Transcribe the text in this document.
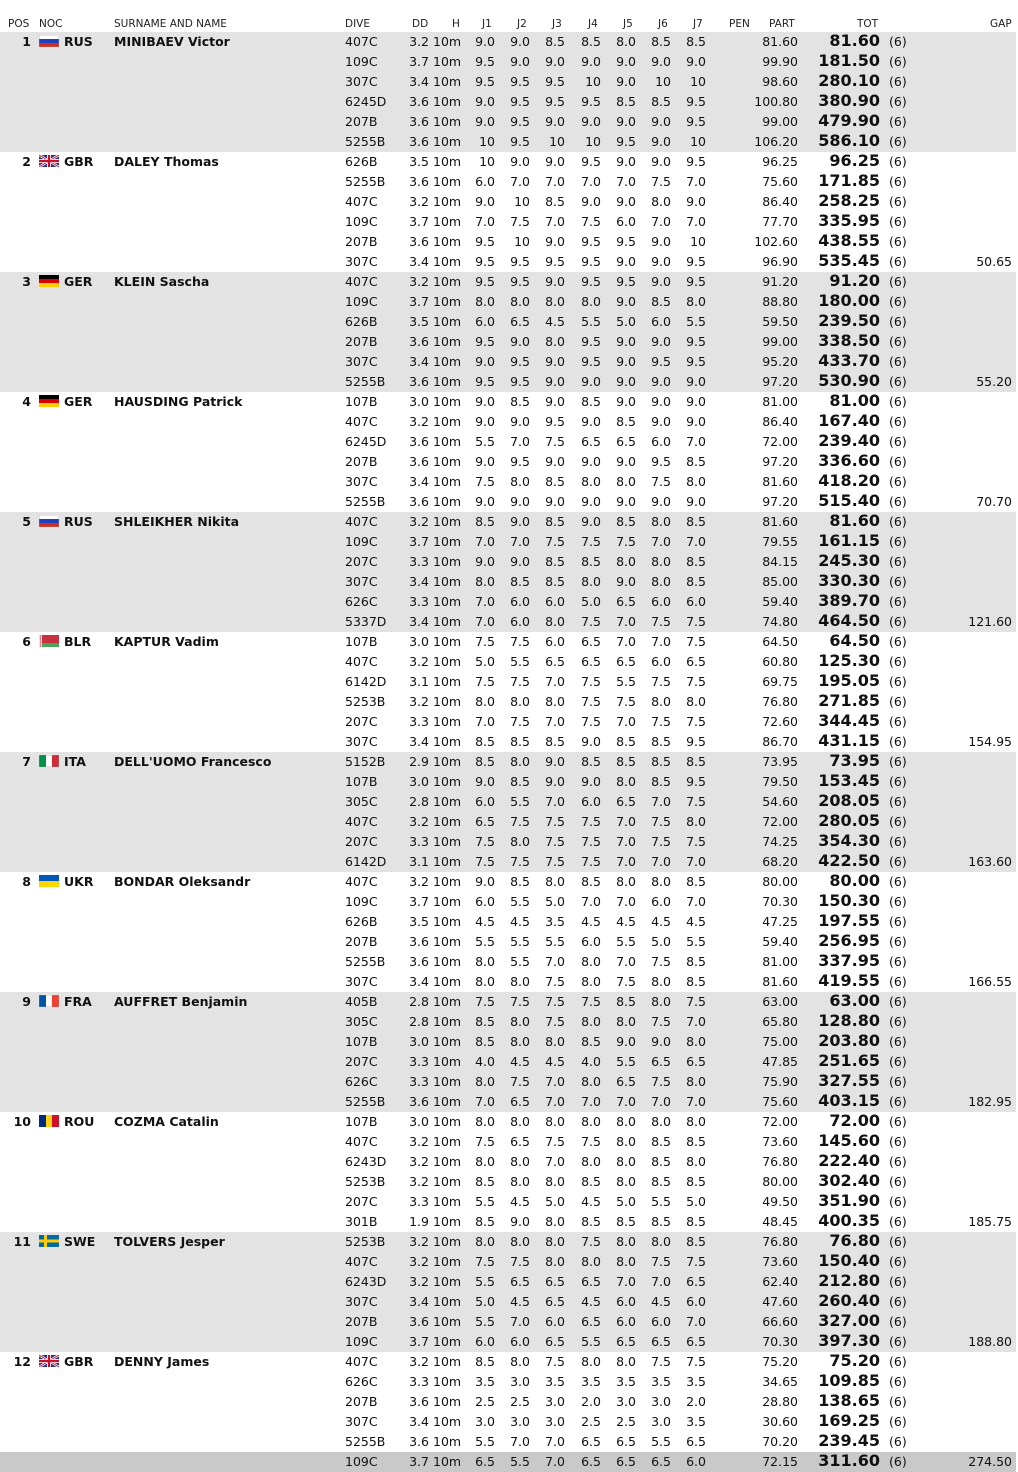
POS NOC	SURNAME AND NAME	DIVE	DD H J1 J2 J3 J4 J5 J6 J7 PEN PART	TOT	GAP
1	RUS MINIBAEV Victor	407C	3.2 10m	9.0	9.0	8.5	8.5	8.0	8.5	8.5	81.60	81.60 (6)
109C	3.7 10m	9.5	9.0	9.0	9.0	9.0	9.0	9.0	99.90	181.50 (6)
307C	3.4 10m	9.5	9.5	9.5	10	9.0	10	10	98.60	280.10 (6)
6245D	3.6 10m	9.0	9.5	9.5	9.5	8.5	8.5	9.5	100.80	380.90 (6)
207B	3.6 10m	9.0	9.5	9.0	9.0	9.0	9.0	9.5	99.00	479.90 (6)
5255B	3.6 10m	10	9.5	10	10	9.5	9.0	10	106.20	586.10 (6)
2	GBR DALEY Thomas	626B	3.5 10m	10	9.0	9.0	9.5	9.0	9.0	9.5	96.25	96.25 (6)
5255B	3.6 10m	6.0	7.0	7.0	7.0	7.0	7.5	7.0	75.60	171.85 (6)
407C	3.2 10m	9.0	10	8.5	9.0	9.0	8.0	9.0	86.40	258.25 (6)
109C	3.7 10m	7.0	7.5	7.0	7.5	6.0	7.0	7.0	77.70	335.95 (6)
207B	3.6 10m	9.5	10	9.0	9.5	9.5	9.0	10	102.60	438.55 (6)
307C	3.4 10m	9.5	9.5	9.5	9.5	9.0	9.0	9.5	96.90	535.45 (6)	50.65
3	GER KLEIN Sascha	407C	3.2 10m	9.5	9.5	9.0	9.5	9.5	9.0	9.5	91.20	91.20 (6)
109C	3.7 10m	8.0	8.0	8.0	8.0	9.0	8.5	8.0	88.80	180.00 (6)
626B	3.5 10m	6.0	6.5	4.5	5.5	5.0	6.0	5.5	59.50	239.50 (6)
207B	3.6 10m	9.5	9.0	8.0	9.5	9.0	9.0	9.5	99.00	338.50 (6)
307C	3.4 10m	9.0	9.5	9.0	9.5	9.0	9.5	9.5	95.20	433.70 (6)
5255B	3.6 10m	9.5	9.5	9.0	9.0	9.0	9.0	9.0	97.20	530.90 (6)	55.20
4	GER HAUSDING Patrick	107B	3.0 10m	9.0	8.5	9.0	8.5	9.0	9.0	9.0	81.00	81.00 (6)
407C	3.2 10m	9.0	9.0	9.5	9.0	8.5	9.0	9.0	86.40	167.40 (6)
6245D	3.6 10m	5.5	7.0	7.5	6.5	6.5	6.0	7.0	72.00	239.40 (6)
207B	3.6 10m	9.0	9.5	9.0	9.0	9.0	9.5	8.5	97.20	336.60 (6)
307C	3.4 10m	7.5	8.0	8.5	8.0	8.0	7.5	8.0	81.60	418.20 (6)
5255B	3.6 10m	9.0	9.0	9.0	9.0	9.0	9.0	9.0	97.20	515.40 (6)	70.70
5	RUS SHLEIKHER Nikita	407C	3.2 10m	8.5	9.0	8.5	9.0	8.5	8.0	8.5	81.60	81.60 (6)
109C	3.7 10m	7.0	7.0	7.5	7.5	7.5	7.0	7.0	79.55	161.15 (6)
207C	3.3 10m	9.0	9.0	8.5	8.5	8.0	8.0	8.5	84.15	245.30 (6)
307C	3.4 10m	8.0	8.5	8.5	8.0	9.0	8.0	8.5	85.00	330.30 (6)
626C	3.3 10m	7.0	6.0	6.0	5.0	6.5	6.0	6.0	59.40	389.70 (6)
5337D	3.4 10m	7.0	6.0	8.0	7.5	7.0	7.5	7.5	74.80	464.50 (6)	121.60
6	BLR KAPTUR Vadim	107B	3.0 10m	7.5	7.5	6.0	6.5	7.0	7.0	7.5	64.50	64.50 (6)
407C	3.2 10m	5.0	5.5	6.5	6.5	6.5	6.0	6.5	60.80	125.30 (6)
6142D	3.1 10m	7.5	7.5	7.0	7.5	5.5	7.5	7.5	69.75	195.05 (6)
5253B	3.2 10m	8.0	8.0	8.0	7.5	7.5	8.0	8.0	76.80	271.85 (6)
207C	3.3 10m	7.0	7.5	7.0	7.5	7.0	7.5	7.5	72.60	344.45 (6)
307C	3.4 10m	8.5	8.5	8.5	9.0	8.5	8.5	9.5	86.70	431.15 (6)	154.95
7	ITA DELL'UOMO Francesco	5152B	2.9 10m	8.5	8.0	9.0	8.5	8.5	8.5	8.5	73.95	73.95 (6)
107B	3.0 10m	9.0	8.5	9.0	9.0	8.0	8.5	9.5	79.50	153.45 (6)
305C	2.8 10m	6.0	5.5	7.0	6.0	6.5	7.0	7.5	54.60	208.05 (6)
407C	3.2 10m	6.5	7.5	7.5	7.5	7.0	7.5	8.0	72.00	280.05 (6)
207C	3.3 10m	7.5	8.0	7.5	7.5	7.0	7.5	7.5	74.25	354.30 (6)
6142D	3.1 10m	7.5	7.5	7.5	7.5	7.0	7.0	7.0	68.20	422.50 (6)	163.60
8	UKR BONDAR Oleksandr	407C	3.2 10m	9.0	8.5	8.0	8.5	8.0	8.0	8.5	80.00	80.00 (6)
109C	3.7 10m	6.0	5.5	5.0	7.0	7.0	6.0	7.0	70.30	150.30 (6)
626B	3.5 10m	4.5	4.5	3.5	4.5	4.5	4.5	4.5	47.25	197.55 (6)
207B	3.6 10m	5.5	5.5	5.5	6.0	5.5	5.0	5.5	59.40	256.95 (6)
5255B	3.6 10m	8.0	5.5	7.0	8.0	7.0	7.5	8.5	81.00	337.95 (6)
307C	3.4 10m	8.0	8.0	7.5	8.0	7.5	8.0	8.5	81.60	419.55 (6)	166.55
9	FRA AUFFRET Benjamin	405B	2.8 10m	7.5	7.5	7.5	7.5	8.5	8.0	7.5	63.00	63.00 (6)
305C	2.8 10m	8.5	8.0	7.5	8.0	8.0	7.5	7.0	65.80	128.80 (6)
107B	3.0 10m	8.5	8.0	8.0	8.5	9.0	9.0	8.0	75.00	203.80 (6)
207C	3.3 10m	4.0	4.5	4.5	4.0	5.5	6.5	6.5	47.85	251.65 (6)
626C	3.3 10m	8.0	7.5	7.0	8.0	6.5	7.5	8.0	75.90	327.55 (6)
5255B	3.6 10m	7.0	6.5	7.0	7.0	7.0	7.0	7.0	75.60	403.15 (6)	182.95
10	ROU COZMA Catalin	107B	3.0 10m	8.0	8.0	8.0	8.0	8.0	8.0	8.0	72.00	72.00 (6)
407C	3.2 10m	7.5	6.5	7.5	7.5	8.0	8.5	8.5	73.60	145.60 (6)
6243D	3.2 10m	8.0	8.0	7.0	8.0	8.0	8.5	8.0	76.80	222.40 (6)
5253B	3.2 10m	8.5	8.0	8.0	8.5	8.0	8.5	8.5	80.00	302.40 (6)
207C	3.3 10m	5.5	4.5	5.0	4.5	5.0	5.5	5.0	49.50	351.90 (6)
301B	1.9 10m	8.5	9.0	8.0	8.5	8.5	8.5	8.5	48.45	400.35 (6)	185.75
11	SWE TOLVERS Jesper	5253B	3.2 10m	8.0	8.0	8.0	7.5	8.0	8.0	8.5	76.80	76.80 (6)
407C	3.2 10m	7.5	7.5	8.0	8.0	8.0	7.5	7.5	73.60	150.40 (6)
6243D	3.2 10m	5.5	6.5	6.5	6.5	7.0	7.0	6.5	62.40	212.80 (6)
307C	3.4 10m	5.0	4.5	6.5	4.5	6.0	4.5	6.0	47.60	260.40 (6)
207B	3.6 10m	5.5	7.0	6.0	6.5	6.0	6.0	7.0	66.60	327.00 (6)
109C	3.7 10m	6.0	6.0	6.5	5.5	6.5	6.5	6.5	70.30	397.30 (6)	188.80
12	GBR DENNY James	407C	3.2 10m	8.5	8.0	7.5	8.0	8.0	7.5	7.5	75.20	75.20 (6)
626C	3.3 10m	3.5	3.0	3.5	3.5	3.5	3.5	3.5	34.65	109.85 (6)
207B	3.6 10m	2.5	2.5	3.0	2.0	3.0	3.0	2.0	28.80	138.65 (6)
307C	3.4 10m	3.0	3.0	3.0	2.5	2.5	3.0	3.5	30.60	169.25 (6)
5255B	3.6 10m	5.5	7.0	7.0	6.5	6.5	5.5	6.5	70.20	239.45 (6)
109C	3.7 10m	6.5	5.5	7.0	6.5	6.5	6.5	6.0	72.15	311.60 (6)	274.50
